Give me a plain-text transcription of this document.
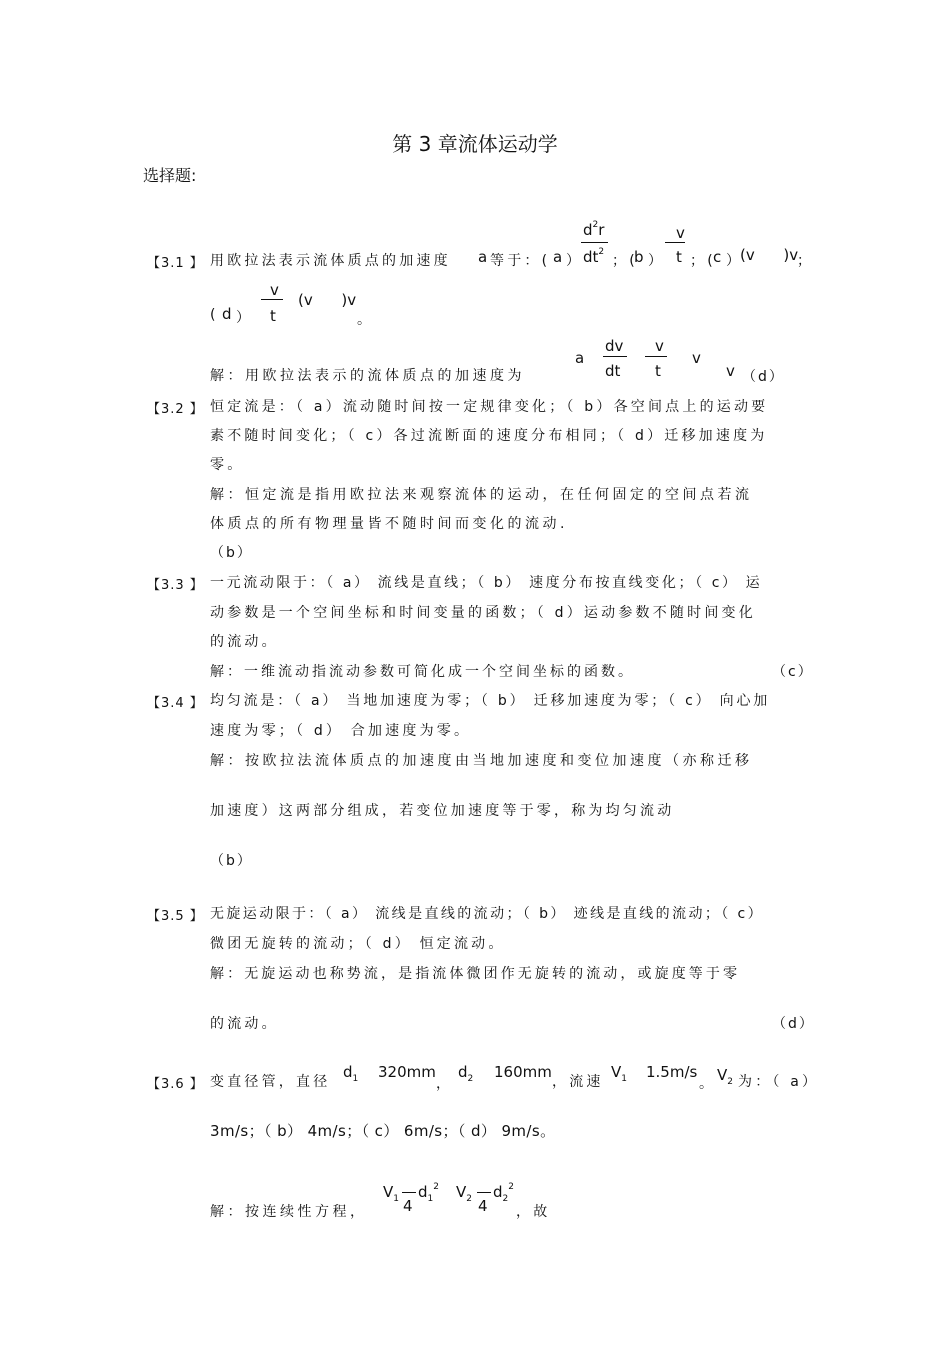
第 3 章流体运动学
选择题:
【3.1 】 用欧拉法表示流体质点的加速度 a 等于：( a ）
$d^2r$
$dt^2$
；(
b ）
v
t ；(
c ）
(v      )v
；
( d ）
v
t
(v      )v
。
解：用欧拉法表示的流体质点的加速度为
a
dv
dt
v
t
v
v （d）
【3.2 】 恒定流是：（ a）流动随时间按一定规律变化；（ b）各空间点上的运动要
素不随时间变化；（ c）各过流断面的速度分布相同；（ d）迁移加速度为
零。
解：恒定流是指用欧拉法来观察流体的运动，在任何固定的空间点若流
体质点的所有物理量皆不随时间而变化的流动.
（b）
【3.3 】 一元流动限于：（ a） 流线是直线；（ b） 速度分布按直线变化；（ c） 运
动参数是一个空间坐标和时间变量的函数；（ d）运动参数不随时间变化
的流动。
解：一维流动指流动参数可简化成一个空间坐标的函数。	（c）
【3.4 】 均匀流是：（ a） 当地加速度为零；（ b） 迁移加速度为零；（ c） 向心加
速度为零；（ d） 合加速度为零。
解：按欧拉法流体质点的加速度由当地加速度和变位加速度（亦称迁移
加速度）这两部分组成，若变位加速度等于零，称为均匀流动
（b）
【3.5 】 无旋运动限于：（ a） 流线是直线的流动；（ b） 迹线是直线的流动；（ c）
微团无旋转的流动；（ d） 恒定流动。
解：无旋运动也称势流，是指流体微团作无旋转的流动，或旋度等于零
的流动。	（d）
【3.6 】 变直径管，直径
$d_1$ 320mm
，
$d_2$ 160mm
，流速
$V_1$ 1.5m/s
。 $V_2$ 为：（ a）
3m/s；（ b） 4m/s；（ c） 6m/s；（ d） 9m/s。
解：按连续性方程，
$V_1$ 4
$d_1^2$ $V_2$ 4
$d_2^2$
，故
